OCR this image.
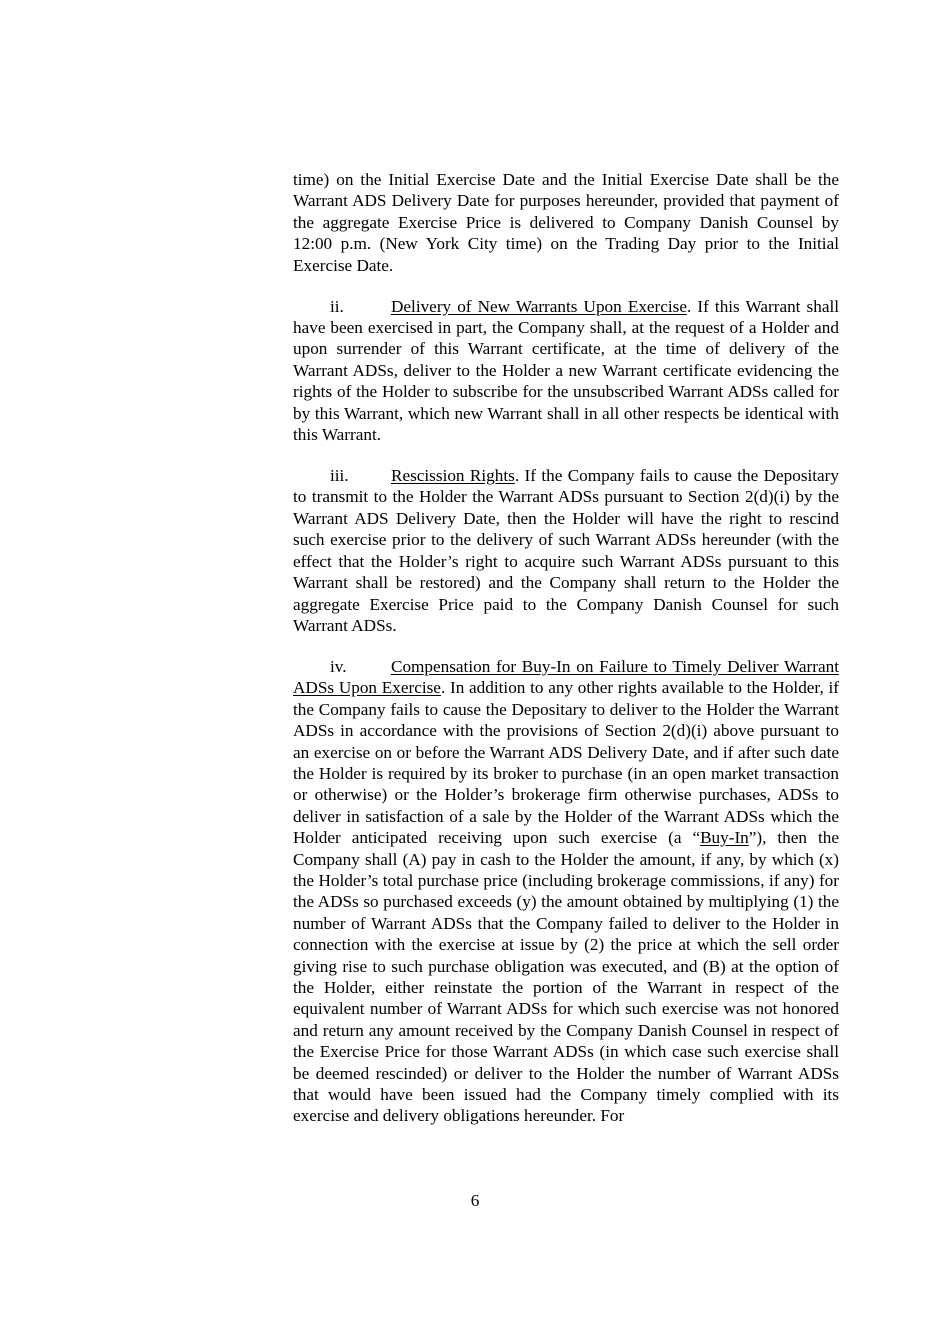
time) on the Initial Exercise Date and the Initial Exercise Date shall be the Warrant ADS Delivery Date for purposes hereunder, provided that payment of the aggregate Exercise Price is delivered to Company Danish Counsel by 12:00 p.m. (New York City time) on the Trading Day prior to the Initial Exercise Date.

ii.	Delivery of New Warrants Upon Exercise. If this Warrant shall have been exercised in part, the Company shall, at the request of a Holder and upon surrender of this Warrant certificate, at the time of delivery of the Warrant ADSs, deliver to the Holder a new Warrant certificate evidencing the rights of the Holder to subscribe for the unsubscribed Warrant ADSs called for by this Warrant, which new Warrant shall in all other respects be identical with this Warrant.

iii. Rescission Rights. If the Company fails to cause the Depositary to transmit to the Holder the Warrant ADSs pursuant to Section 2(d)(i) by the Warrant ADS Delivery Date, then the Holder will have the right to rescind such exercise prior to the delivery of such Warrant ADSs hereunder (with the effect that the Holder’s right to acquire such Warrant ADSs pursuant to this Warrant shall be restored) and the Company shall return to the Holder the aggregate Exercise Price paid to the Company Danish Counsel for such Warrant ADSs.

iv.	Compensation for Buy-In on Failure to Timely Deliver Warrant ADSs Upon Exercise. In addition to any other rights available to the Holder, if the Company fails to cause the Depositary to deliver to the Holder the Warrant ADSs in accordance with the provisions of Section 2(d)(i) above pursuant to an exercise on or before the Warrant ADS Delivery Date, and if after such date the Holder is required by its broker to purchase (in an open market transaction or otherwise) or the Holder’s brokerage firm otherwise purchases, ADSs to deliver in satisfaction of a sale by the Holder of the Warrant ADSs which the Holder anticipated receiving upon such exercise (a “Buy-In”), then the Company shall (A) pay in cash to the Holder the amount, if any, by which (x) the Holder’s total purchase price (including brokerage commissions, if any) for the ADSs so purchased exceeds (y) the amount obtained by multiplying (1) the number of Warrant ADSs that the Company failed to deliver to the Holder in connection with the exercise at issue by (2) the price at which the sell order giving rise to such purchase obligation was executed, and (B) at the option of the Holder, either reinstate the portion of the Warrant in respect of the equivalent number of Warrant ADSs for which such exercise was not honored and return any amount received by the Company Danish Counsel in respect of the Exercise Price for those Warrant ADSs (in which case such exercise shall be deemed rescinded) or deliver to the Holder the number of Warrant ADSs that would have been issued had the Company timely complied with its exercise and delivery obligations hereunder. For

6
